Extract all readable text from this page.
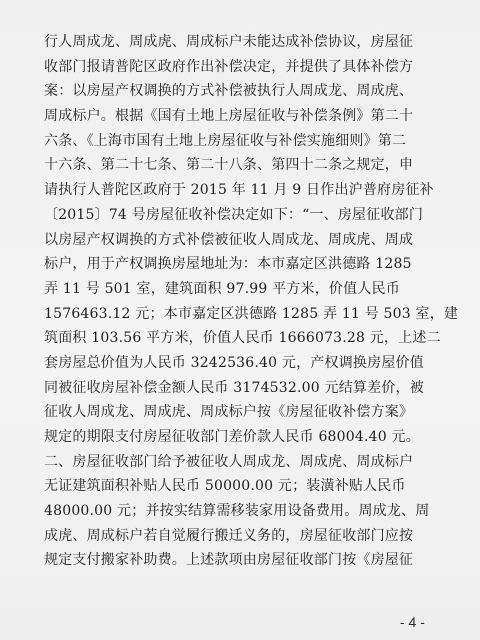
行人周成龙、周成虎、周成标户未能达成补偿协议，房屋征
收部门报请普陀区政府作出补偿决定，并提供了具体补偿方
案：以房屋产权调换的方式补偿被执行人周成龙、周成虎、
周成标户。根据《国有土地上房屋征收与补偿条例》第二十
六条、《上海市国有土地上房屋征收与补偿实施细则》第二
十六条、第二十七条、第二十八条、第四十二条之规定，申
请执行人普陀区政府于 2015 年 11 月 9 日作出沪普府房征补
〔2015〕74 号房屋征收补偿决定如下：“一、房屋征收部门
以房屋产权调换的方式补偿被征收人周成龙、周成虎、周成
标户，用于产权调换房屋地址为：本市嘉定区洪德路 1285
弄 11 号 501 室，建筑面积 97.99 平方米，价值人民币
1576463.12 元；本市嘉定区洪德路 1285 弄 11 号 503 室，建
筑面积 103.56 平方米，价值人民币 1666073.28 元，上述二
套房屋总价值为人民币 3242536.40 元，产权调换房屋价值
同被征收房屋补偿金额人民币 3174532.00 元结算差价，被
征收人周成龙、周成虎、周成标户按《房屋征收补偿方案》
规定的期限支付房屋征收部门差价款人民币 68004.40 元。
二、房屋征收部门给予被征收人周成龙、周成虎、周成标户
无证建筑面积补贴人民币 50000.00 元；装潢补贴人民币
48000.00 元；并按实结算需移装家用设备费用。周成龙、周
成虎、周成标户若自觉履行搬迁义务的，房屋征收部门应按
规定支付搬家补助费。上述款项由房屋征收部门按《房屋征
- 4 -
